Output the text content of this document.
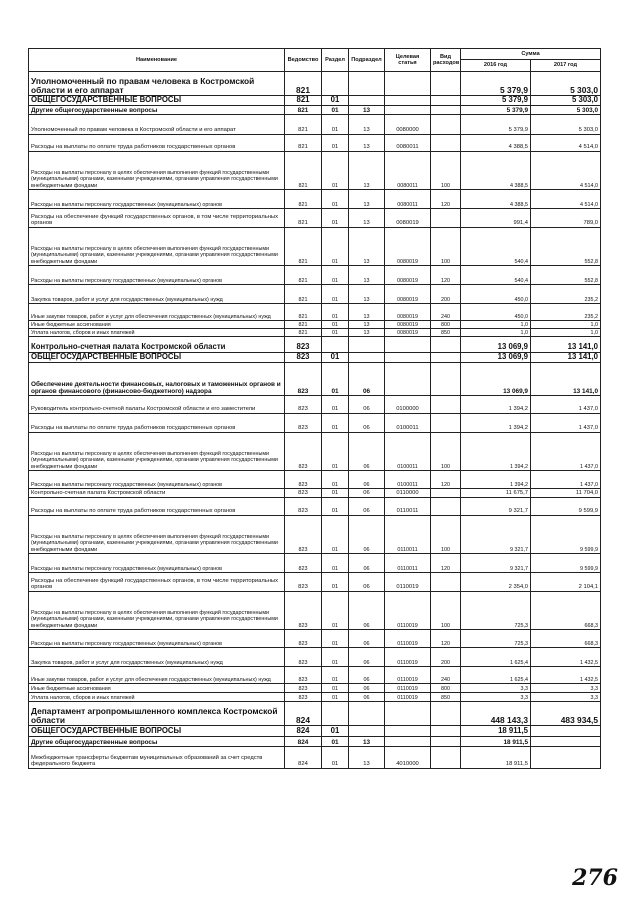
Наименование	Ведомство	Раздел	Подраздел	Целевая статья	Вид расходов	Сумма	
						2016 год	2017 год
Уполномоченный по правам человека в Костромской области и его аппарат	821					5 379,9	5 303,0
ОБЩЕГОСУДАРСТВЕННЫЕ ВОПРОСЫ	821	01				5 379,9	5 303,0
Другие общегосударственные вопросы	821	01	13			5 379,9	5 303,0
Уполномоченный по правам человека в Костромской области и его аппарат	821	01	13	0080000		5 379,9	5 303,0
Расходы на выплаты по оплате труда работников государственных органов	821	01	13	0080011		4 388,5	4 514,0
Расходы на выплаты персоналу в целях обеспечения выполнения функций государственными (муниципальными) органами, казенными учреждениями, органами управления государственными внебюджетными фондами	821	01	13	0080011	100	4 388,5	4 514,0
Расходы на выплаты персоналу государственных (муниципальных) органов	821	01	13	0080011	120	4 388,5	4 514,0
Расходы на обеспечение функций государственных органов, в том числе территориальных органов	821	01	13	0080019		991,4	789,0
Расходы на выплаты персоналу в целях обеспечения выполнения функций государственными (муниципальными) органами, казенными учреждениями, органами управления государственными внебюджетными фондами	821	01	13	0080019	100	540,4	552,8
Расходы на выплаты персоналу государственных (муниципальных) органов	821	01	13	0080019	120	540,4	552,8
Закупка товаров, работ и услуг для государственных (муниципальных) нужд	821	01	13	0080019	200	450,0	235,2
Иные закупки товаров, работ и услуг для обеспечения государственных (муниципальных) нужд	821	01	13	0080019	240	450,0	235,2
Иные бюджетные ассигнования	821	01	13	0080019	800	1,0	1,0
Уплата налогов, сборов и иных платежей	821	01	13	0080019	850	1,0	1,0
Контрольно-счетная палата Костромской области	823					13 069,9	13 141,0
ОБЩЕГОСУДАРСТВЕННЫЕ ВОПРОСЫ	823	01				13 069,9	13 141,0
Обеспечение деятельности финансовых, налоговых и таможенных органов и органов финансового (финансово-бюджетного) надзора	823	01	06			13 069,9	13 141,0
Руководитель контрольно-счетной палаты Костромской области и его заместители	823	01	06	0100000		1 394,2	1 437,0
Расходы на выплаты по оплате труда работников государственных органов	823	01	06	0100011		1 394,2	1 437,0
Расходы на выплаты персоналу в целях обеспечения выполнения функций государственными (муниципальными) органами, казенными учреждениями, органами управления государственными внебюджетными фондами	823	01	06	0100011	100	1 394,2	1 437,0
Расходы на выплаты персоналу государственных (муниципальных) органов	823	01	06	0100011	120	1 394,2	1 437,0
Контрольно-счетная палата Костромской области	823	01	06	0110000		11 675,7	11 704,0
Расходы на выплаты по оплате труда работников государственных органов	823	01	06	0110011		9 321,7	9 599,9
Расходы на выплаты персоналу в целях обеспечения выполнения функций государственными (муниципальными) органами, казенными учреждениями, органами управления государственными внебюджетными фондами	823	01	06	0110011	100	9 321,7	9 599,9
Расходы на выплаты персоналу государственных (муниципальных) органов	823	01	06	0110011	120	9 321,7	9 599,9
Расходы на обеспечение функций государственных органов, в том числе территориальных органов	823	01	06	0110019		2 354,0	2 104,1
Расходы на выплаты персоналу в целях обеспечения выполнения функций государственными (муниципальными) органами, казенными учреждениями, органами управления государственными внебюджетными фондами	823	01	06	0110019	100	725,3	668,3
Расходы на выплаты персоналу государственных (муниципальных) органов	823	01	06	0110019	120	725,3	668,3
Закупка товаров, работ и услуг для государственных (муниципальных) нужд	823	01	06	0110019	200	1 625,4	1 432,5
Иные закупки товаров, работ и услуг для обеспечения государственных (муниципальных) нужд	823	01	06	0110019	240	1 625,4	1 432,5
Иные бюджетные ассигнования	823	01	06	0110019	800	3,3	3,3
Уплата налогов, сборов и иных платежей	823	01	06	0110019	850	3,3	3,3
Департамент агропромышленного комплекса Костромской области	824					448 143,3	483 934,5
ОБЩЕГОСУДАРСТВЕННЫЕ ВОПРОСЫ	824	01				18 911,5	
Другие общегосударственные вопросы	824	01	13			18 911,5	
Межбюджетные трансферты бюджетам муниципальных образований за счет средств федерального бюджета	824	01	13	4010000		18 911,5	
276
